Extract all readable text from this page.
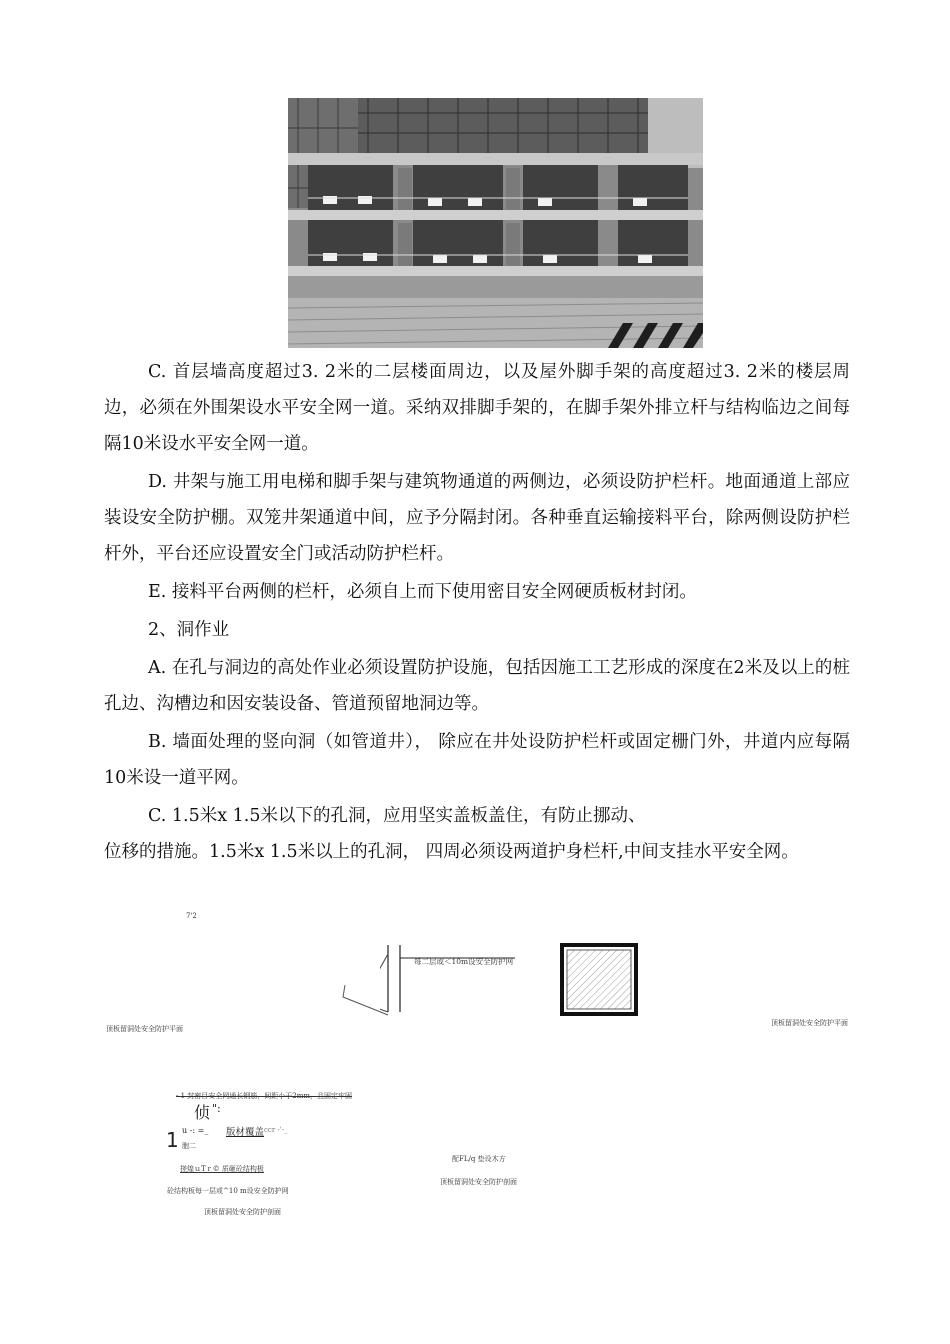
C. 首层墙高度超过3. 2米的二层楼面周边，以及屋外脚手架的高度超过3. 2米的楼层周边，必须在外围架设水平安全网一道。采纳双排脚手架的，在脚手架外排立杆与结构临边之间每隔10米设水平安全网一道。

D. 井架与施工用电梯和脚手架与建筑物通道的两侧边，必须设防护栏杆。地面通道上部应装设安全防护棚。双笼井架通道中间，应予分隔封闭。各种垂直运输接料平台，除两侧设防护栏杆外，平台还应设置安全门或活动防护栏杆。

E. 接料平台两侧的栏杆，必须自上而下使用密目安全网硬质板材封闭。

2、洞作业

A. 在孔与洞边的高处作业必须设置防护设施，包括因施工工艺形成的深度在2米及以上的桩孔边、沟槽边和因安装设备、管道预留地洞边等。

B. 墙面处理的竖向洞（如管道井）， 除应在井处设防护栏杆或固定栅门外，井道内应每隔10米设一道平网。

C. 1.5米x 1.5米以下的孔洞，应用坚实盖板盖住，有防止挪动、

位移的措施。1.5米x 1.5米以上的孔洞， 四周必须设两道护身栏杆,中间支挂水平安全网。

7'2
每二层或＜10m设安全防护网
顶板留洞处安全防护平面
顶板留洞处安全防护平面
- 1 封密目安全网通长钢筋，间距小于2mm，且固定牢固
侦 ":
u -: =_ 版材覆盖 ccr -'-_
1 胞二
搓煌ｕTｒ© 质砸砼结构极
砼结构板每一层或^10 m设安全防护网
顶板留洞处安全防护剖面
配FL/q 垫设木方
顶板留洞处安全防护剖面
